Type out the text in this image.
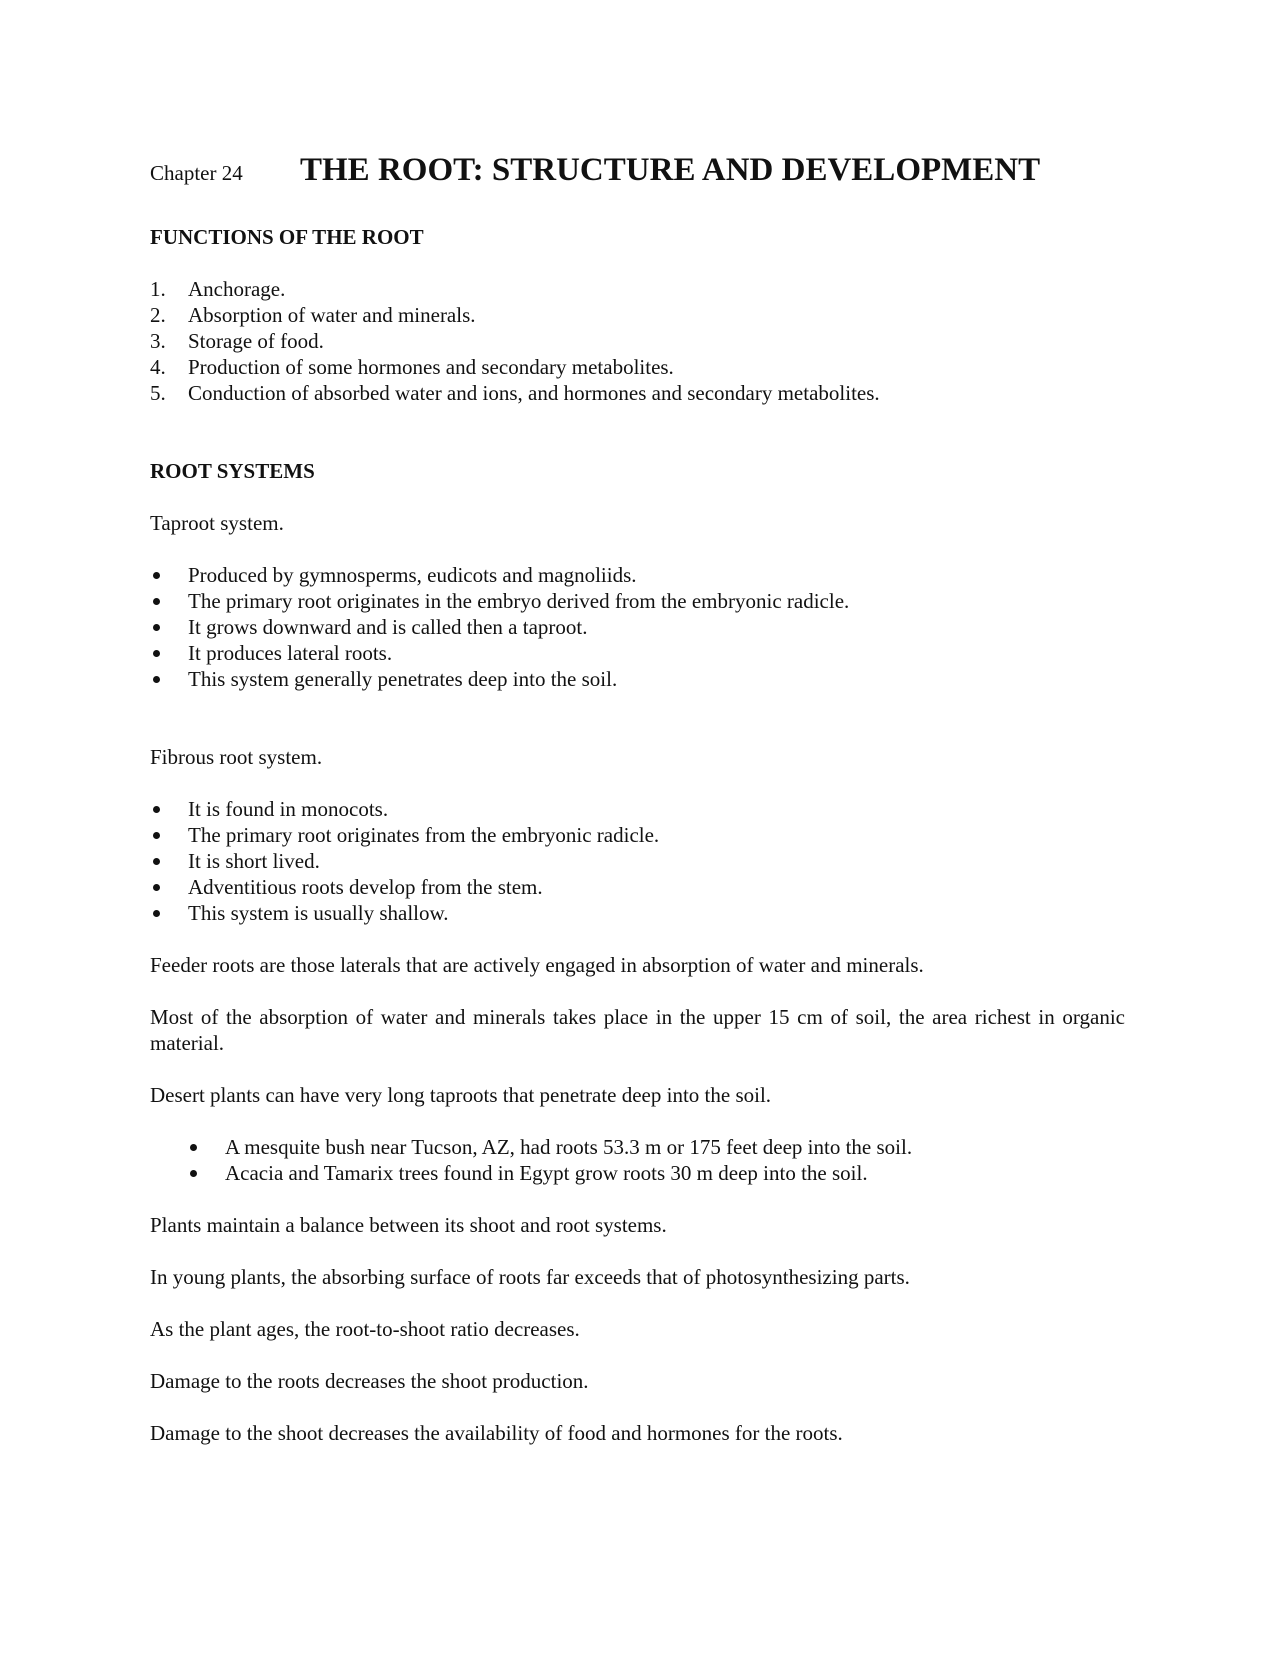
Chapter 24	THE ROOT: STRUCTURE AND DEVELOPMENT
FUNCTIONS OF THE ROOT
1.	Anchorage.
2.	Absorption of water and minerals.
3.	Storage of food.
4.	Production of some hormones and secondary metabolites.
5.	Conduction of absorbed water and ions, and hormones and secondary metabolites.
ROOT SYSTEMS

Taproot system.

Produced by gymnosperms, eudicots and magnoliids.
The primary root originates in the embryo derived from the embryonic radicle.
It grows downward and is called then a taproot.
It produces lateral roots.
This system generally penetrates deep into the soil.

Fibrous root system.

It is found in monocots.
The primary root originates from the embryonic radicle.
It is short lived.
Adventitious roots develop from the stem.
This system is usually shallow.

Feeder roots are those laterals that are actively engaged in absorption of water and minerals.

Most of the absorption of water and minerals takes place in the upper 15 cm of soil, the area richest in organic material.

Desert plants can have very long taproots that penetrate deep into the soil.

A mesquite bush near Tucson, AZ, had roots 53.3 m or 175 feet deep into the soil.
Acacia and Tamarix trees found in Egypt grow roots 30 m deep into the soil.

Plants maintain a balance between its shoot and root systems.

In young plants, the absorbing surface of roots far exceeds that of photosynthesizing parts.

As the plant ages, the root-to-shoot ratio decreases.

Damage to the roots decreases the shoot production.

Damage to the shoot decreases the availability of food and hormones for the roots.
